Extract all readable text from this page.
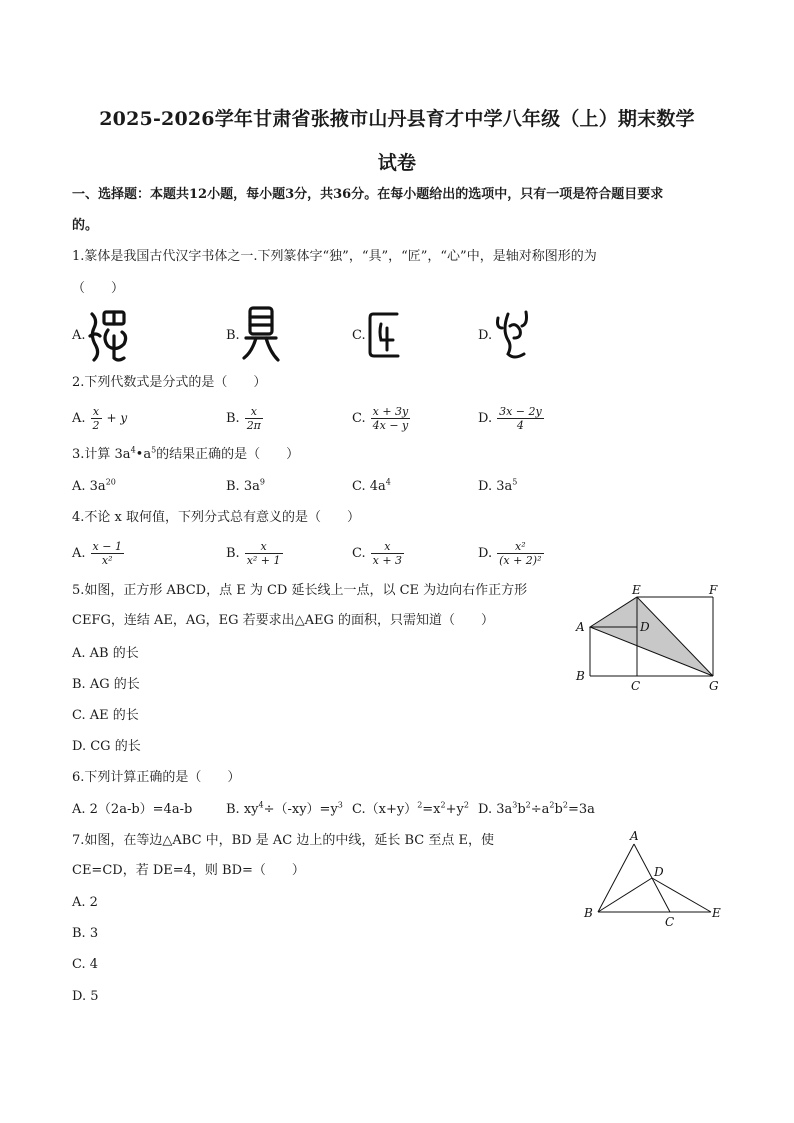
2025-2026学年甘肃省张掖市山丹县育才中学八年级（上）期末数学
试卷
一、选择题：本题共12小题，每小题3分，共36分。在每小题给出的选项中，只有一项是符合题目要求
的。
1.篆体是我国古代汉字书体之一.下列篆体字“独”，“具”，“匠”，“心”中，是轴对称图形的为
（　　）
A.	B.	C.	D.
2.下列代数式是分式的是（　　）
A. $\frac{x}{2} + y$	B. $\frac{x}{2\pi}$	C. $\frac{x + 3y}{4x - y}$	D. $\frac{3x - 2y}{4}$
3.计算 $3a^4•a^5$的结果正确的是（　　）
A. $3a^{20}$	B. $3a^9$	C. $4a^4$	D. $3a^5$
4.不论 x 取何值，下列分式总有意义的是（　　）
A. $\frac{x - 1}{\text{x²}}$	B. $\frac{x}{\text{x² + 1}}$	C. $\frac{x}{x + 3}$	D. $\frac{\text{x²}}{\text{(x + 2)²}}$
5.如图，正方形 ABCD，点 E 为 CD 延长线上一点，以 CE 为边向右作正方形
CEFG，连结 AE，AG，EG 若要求出△AEG 的面积，只需知道（　　）
A. AB 的长
B. AG 的长
C. AE 的长
D. CG 的长
E	F
A	D
B
C	G
6.下列计算正确的是（　　）
A. 2（2a-b）=4a-b	B. $xy^4\div(-xy)=y^3$ $C.(x+y)^2=x^2+y^2$ D. $3a^3b^2\div a^2b^2=3a$
7.如图，在等边△ABC 中，BD 是 AC 边上的中线，延长 BC 至点 E，使
CE=CD，若 DE=4，则 BD=（　　）
A. 2
B. 3
C. 4
D. 5
A
D
B
C
E
